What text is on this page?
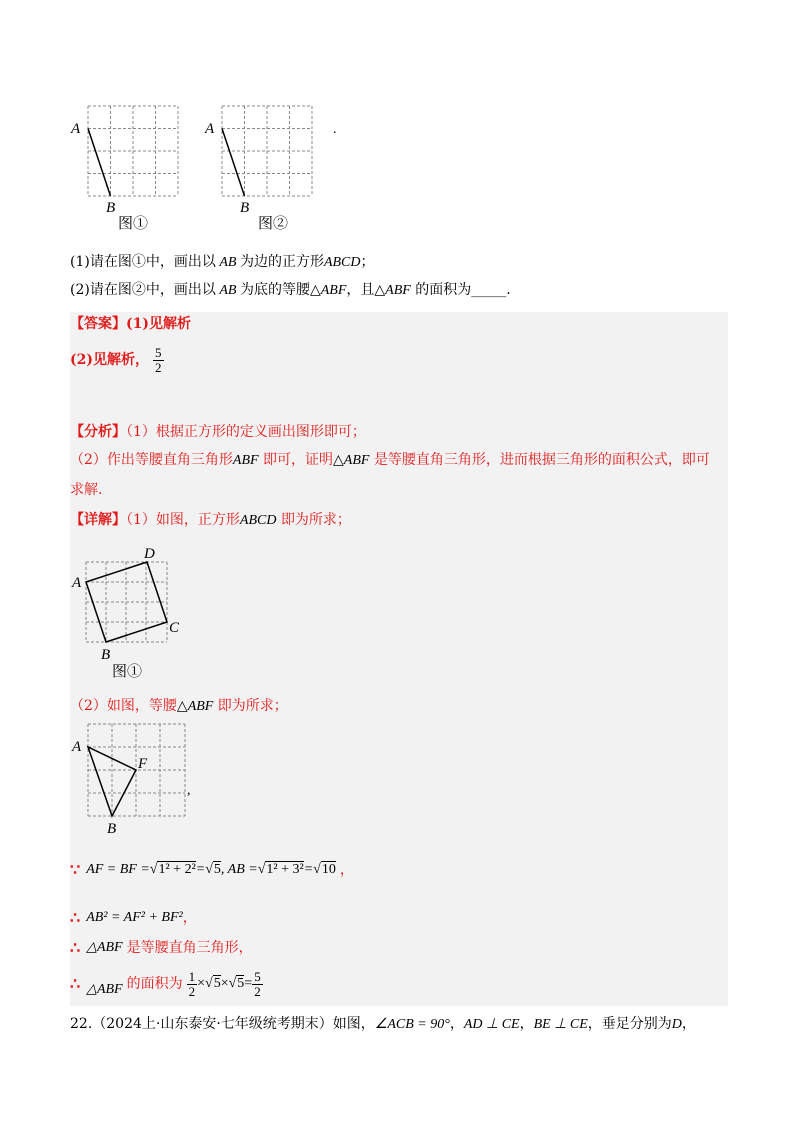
A
B
图①
A
B
图②
.
(1)请在图①中，画出以 AB 为边的正方形ABCD；
(2)请在图②中，画出以 AB 为底的等腰△ABF，且△ABF 的面积为_____.
【答案】(1)见解析
(2)见解析， $\frac{5}{2}$
【分析】（1）根据正方形的定义画出图形即可；
（2）作出等腰直角三角形ABF 即可，证明△ABF 是等腰直角三角形，进而根据三角形的面积公式，即可
求解.
【详解】（1）如图，正方形ABCD 即为所求；
A
B
C
D
图①
（2）如图，等腰△ABF 即为所求；
A
B
F
,
∵ AF = BF = √1² + 2² = √5 , AB = √1² + 3² = √10 ，
∴ AB² = AF² + BF² ，
∴ △ABF 是等腰直角三角形，
∴ △ABF 的面积为 $\frac{1}{2} \times √5 \times √5 = \frac{5}{2}$
22.（2024上·山东泰安·七年级统考期末）如图，∠ACB = 90°，AD ⊥ CE，BE ⊥ CE，垂足分别为D，
